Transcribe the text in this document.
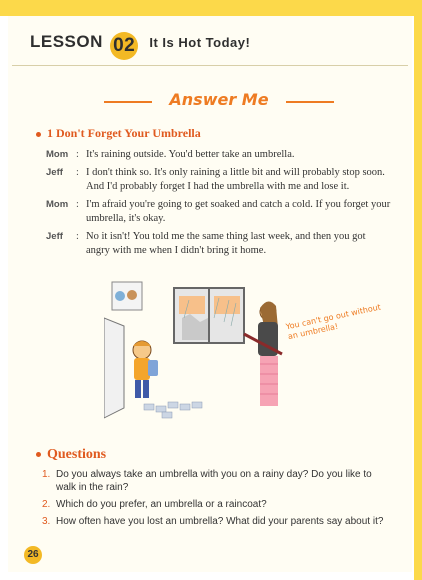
LESSON 02 It Is Hot Today!
Answer Me
1 Don't Forget Your Umbrella
Mom : It's raining outside. You'd better take an umbrella.
Jeff	: I don't think so. It's only raining a little bit and will probably stop soon. And I'd probably forget I had the umbrella with me and lose it.
Mom : I'm afraid you're going to get soaked and catch a cold. If you forget your umbrella, it's okay.
Jeff	: No it isn't! You told me the same thing last week, and then you got angry with me when I didn't bring it home.
You can't go out without an umbrella!
Questions
1. Do you always take an umbrella with you on a rainy day? Do you like to walk in the rain?
2. Which do you prefer, an umbrella or a raincoat?
3. How often have you lost an umbrella? What did your parents say about it?
26
